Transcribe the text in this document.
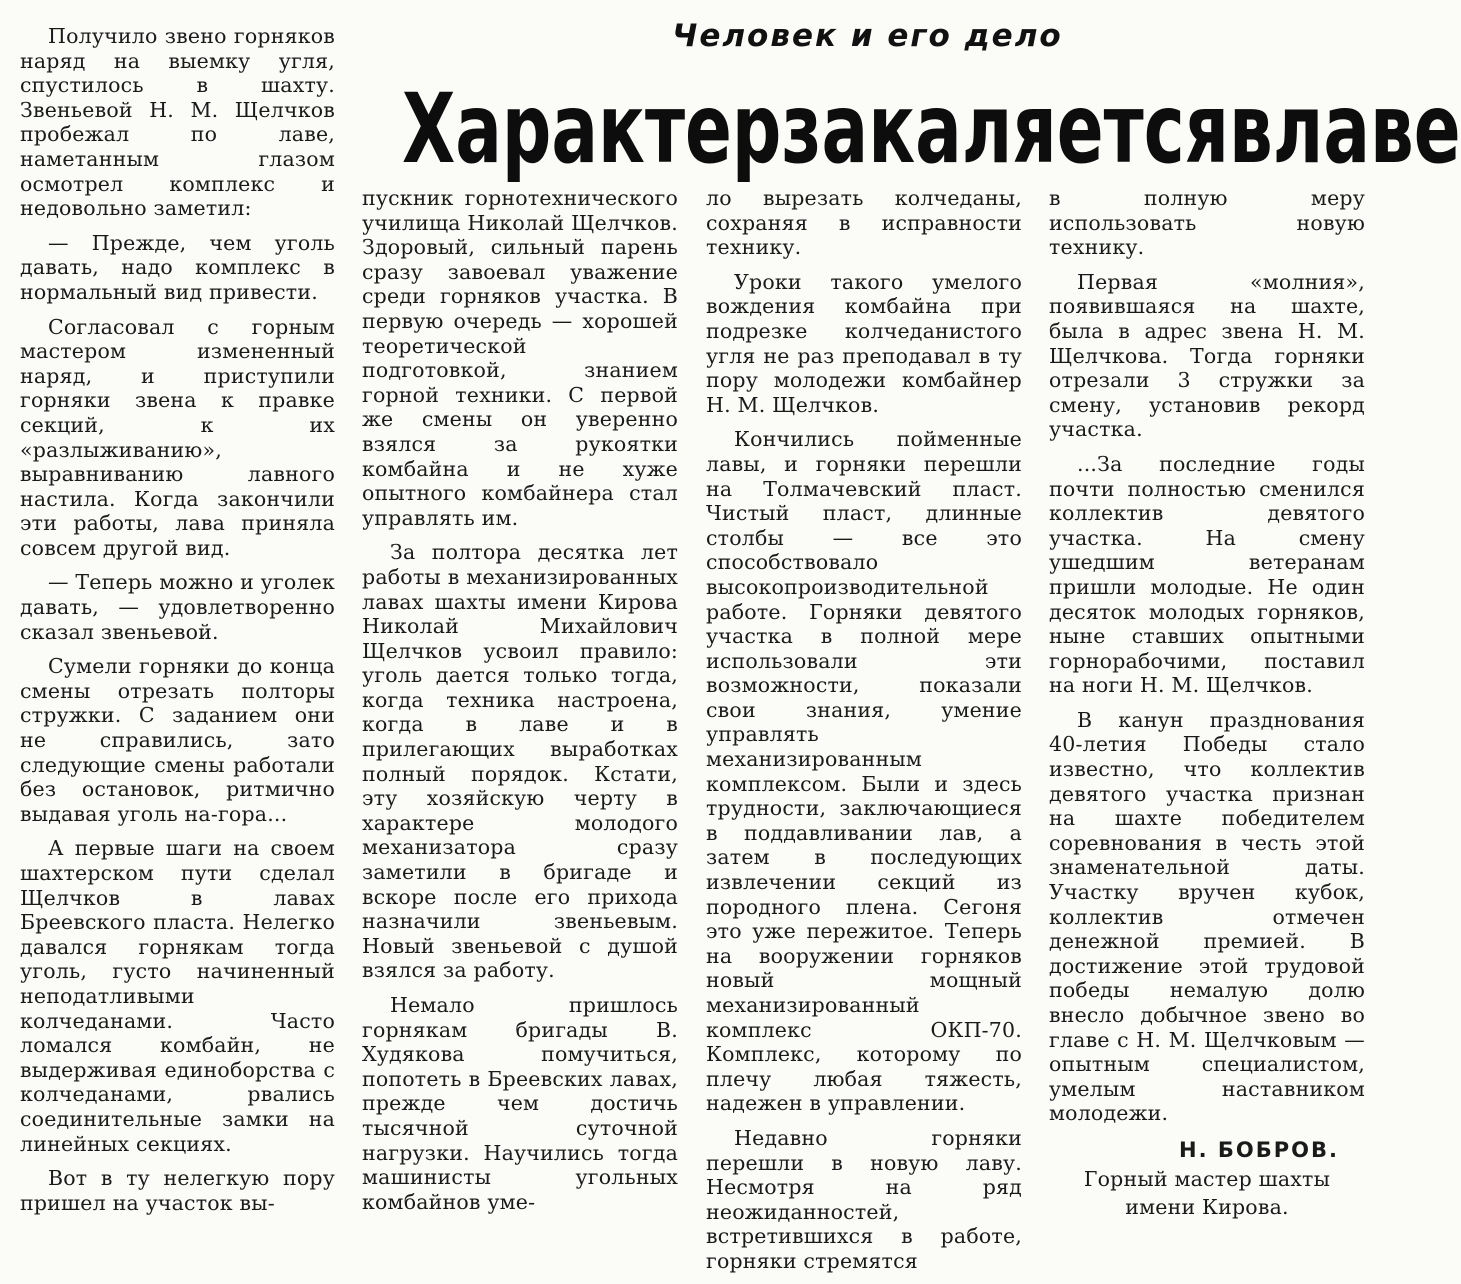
Человек и его дело
Характер закаляется в лаве

Получило звено горняков наряд на выемку угля, спустилось в шахту. Звеньевой Н. М. Щелчков пробежал по лаве, наметанным глазом осмотрел комплекс и недовольно заметил:

— Прежде, чем уголь давать, надо комплекс в нормальный вид привести.

Согласовал с горным мастером измененный наряд, и приступили горняки звена к правке секций, к их «разлыживанию», выравниванию лавного настила. Когда закончили эти работы, лава приняла совсем другой вид.

— Теперь можно и уголек давать, — удовлетворенно сказал звеньевой.

Сумели горняки до конца смены отрезать полторы стружки. С заданием они не справились, зато следующие смены работали без остановок, ритмично выдавая уголь на-гора...

А первые шаги на своем шахтерском пути сделал Щелчков в лавах Бреевского пласта. Нелегко давался горнякам тогда уголь, густо начиненный неподатливыми колчеданами. Часто ломался комбайн, не выдерживая единоборства с колчеданами, рвались соединительные замки на линейных секциях.

Вот в ту нелегкую пору пришел на участок вы-

пускник горнотехнического училища Николай Щелчков. Здоровый, сильный парень сразу завоевал уважение среди горняков участка. В первую очередь — хорошей теоретической подготовкой, знанием горной техники. С первой же смены он уверенно взялся за рукоятки комбайна и не хуже опытного комбайнера стал управлять им.

За полтора десятка лет работы в механизированных лавах шахты имени Кирова Николай Михайлович Щелчков усвоил правило: уголь дается только тогда, когда техника настроена, когда в лаве и в прилегающих выработках полный порядок. Кстати, эту хозяйскую черту в характере молодого механизатора сразу заметили в бригаде и вскоре после его прихода назначили звеньевым. Новый звеньевой с душой взялся за работу.

Немало пришлось горнякам бригады В. Худякова помучиться, попотеть в Бреевских лавах, прежде чем достичь тысячной суточной нагрузки. Научились тогда машинисты угольных комбайнов уме-

ло вырезать колчеданы, сохраняя в исправности технику.

Уроки такого умелого вождения комбайна при подрезке колчеданистого угля не раз преподавал в ту пору молодежи комбайнер Н. М. Щелчков.

Кончились пойменные лавы, и горняки перешли на Толмачевский пласт. Чистый пласт, длинные столбы — все это способствовало высокопроизводительной работе. Горняки девятого участка в полной мере использовали эти возможности, показали свои знания, умение управлять механизированным комплексом. Были и здесь трудности, заключающиеся в поддавливании лав, а затем в последующих извлечении секций из породного плена. Сегоня это уже пережитое. Теперь на вооружении горняков новый мощный механизированный комплекс ОКП-70. Комплекс, которому по плечу любая тяжесть, надежен в управлении.

Недавно горняки перешли в новую лаву. Несмотря на ряд неожиданностей, встретившихся в работе, горняки стремятся

в полную меру использовать новую технику.

Первая «молния», появившаяся на шахте, была в адрес звена Н. М. Щелчкова. Тогда горняки отрезали 3 стружки за смену, установив рекорд участка.

...За последние годы почти полностью сменился коллектив девятого участка. На смену ушедшим ветеранам пришли молодые. Не один десяток молодых горняков, ныне ставших опытными горнорабочими, поставил на ноги Н. М. Щелчков.

В канун празднования 40-летия Победы стало известно, что коллектив девятого участка признан на шахте победителем соревнования в честь этой знаменательной даты. Участку вручен кубок, коллектив отмечен денежной премией. В достижение этой трудовой победы немалую долю внесло добычное звено во главе с Н. М. Щелчковым — опытным специалистом, умелым наставником молодежи.

Н. БОБРОВ.
Горный мастер шахты
имени Кирова.
